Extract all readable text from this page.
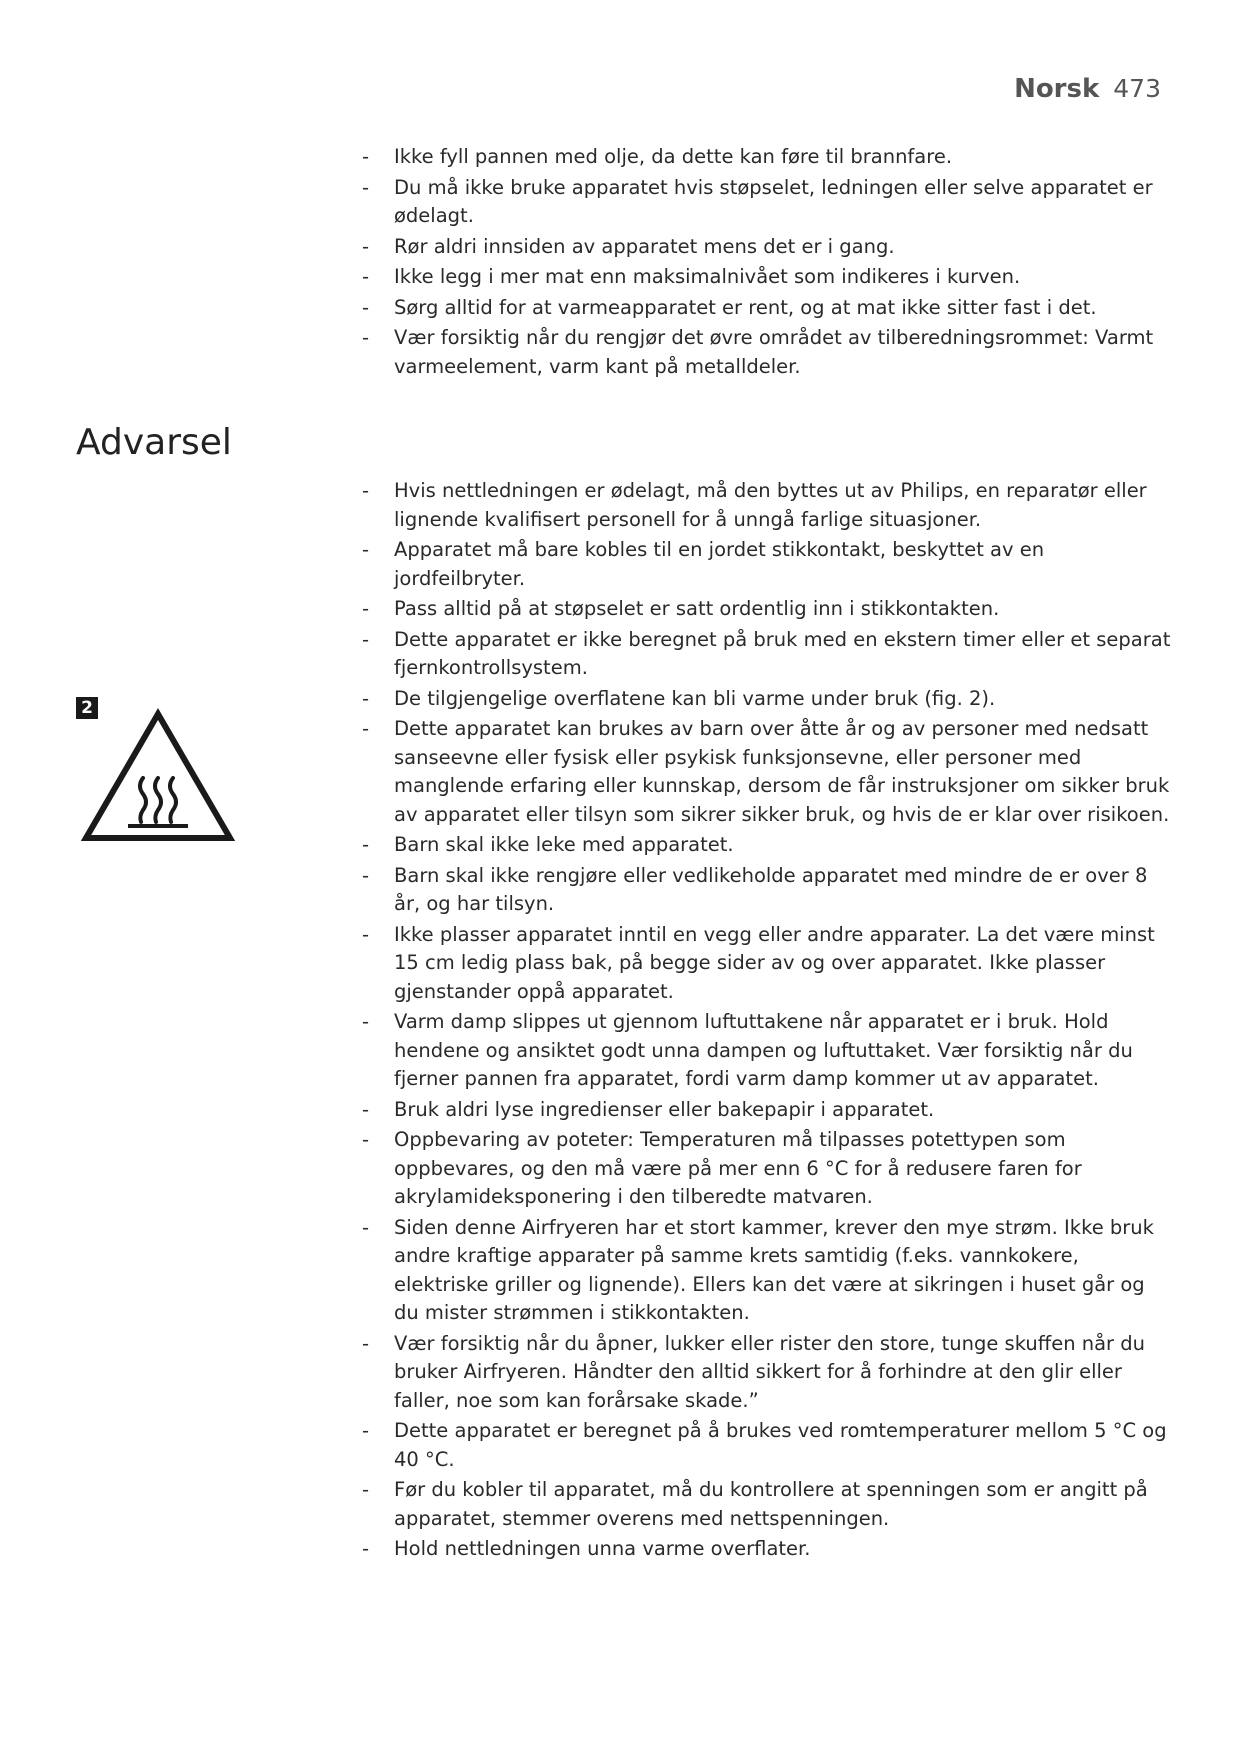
Norsk 473
- Ikke fyll pannen med olje, da dette kan føre til brannfare.
- Du må ikke bruke apparatet hvis støpselet, ledningen eller selve apparatet er ødelagt.
- Rør aldri innsiden av apparatet mens det er i gang.
- Ikke legg i mer mat enn maksimalnivået som indikeres i kurven.
- Sørg alltid for at varmeapparatet er rent, og at mat ikke sitter fast i det.
- Vær forsiktig når du rengjør det øvre området av tilberedningsrommet: Varmt varmeelement, varm kant på metalldeler.
Advarsel
2
- Hvis nettledningen er ødelagt, må den byttes ut av Philips, en reparatør eller lignende kvalifisert personell for å unngå farlige situasjoner.
- Apparatet må bare kobles til en jordet stikkontakt, beskyttet av en jordfeilbryter.
- Pass alltid på at støpselet er satt ordentlig inn i stikkontakten.
- Dette apparatet er ikke beregnet på bruk med en ekstern timer eller et separat fjernkontrollsystem.
- De tilgjengelige overflatene kan bli varme under bruk (fig. 2).
- Dette apparatet kan brukes av barn over åtte år og av personer med nedsatt sanseevne eller fysisk eller psykisk funksjonsevne, eller personer med manglende erfaring eller kunnskap, dersom de får instruksjoner om sikker bruk av apparatet eller tilsyn som sikrer sikker bruk, og hvis de er klar over risikoen.
- Barn skal ikke leke med apparatet.
- Barn skal ikke rengjøre eller vedlikeholde apparatet med mindre de er over 8 år, og har tilsyn.
- Ikke plasser apparatet inntil en vegg eller andre apparater. La det være minst 15 cm ledig plass bak, på begge sider av og over apparatet. Ikke plasser gjenstander oppå apparatet.
- Varm damp slippes ut gjennom luftuttakene når apparatet er i bruk. Hold hendene og ansiktet godt unna dampen og luftuttaket. Vær forsiktig når du fjerner pannen fra apparatet, fordi varm damp kommer ut av apparatet.
- Bruk aldri lyse ingredienser eller bakepapir i apparatet.
- Oppbevaring av poteter: Temperaturen må tilpasses potettypen som oppbevares, og den må være på mer enn 6 °C for å redusere faren for akrylamideksponering i den tilberedte matvaren.
- Siden denne Airfryeren har et stort kammer, krever den mye strøm. Ikke bruk andre kraftige apparater på samme krets samtidig (f.eks. vannkokere, elektriske griller og lignende). Ellers kan det være at sikringen i huset går og du mister strømmen i stikkontakten.
- Vær forsiktig når du åpner, lukker eller rister den store, tunge skuffen når du bruker Airfryeren. Håndter den alltid sikkert for å forhindre at den glir eller faller, noe som kan forårsake skade.”
- Dette apparatet er beregnet på å brukes ved romtemperaturer mellom 5 °C og 40 °C.
- Før du kobler til apparatet, må du kontrollere at spenningen som er angitt på apparatet, stemmer overens med nettspenningen.
- Hold nettledningen unna varme overflater.
